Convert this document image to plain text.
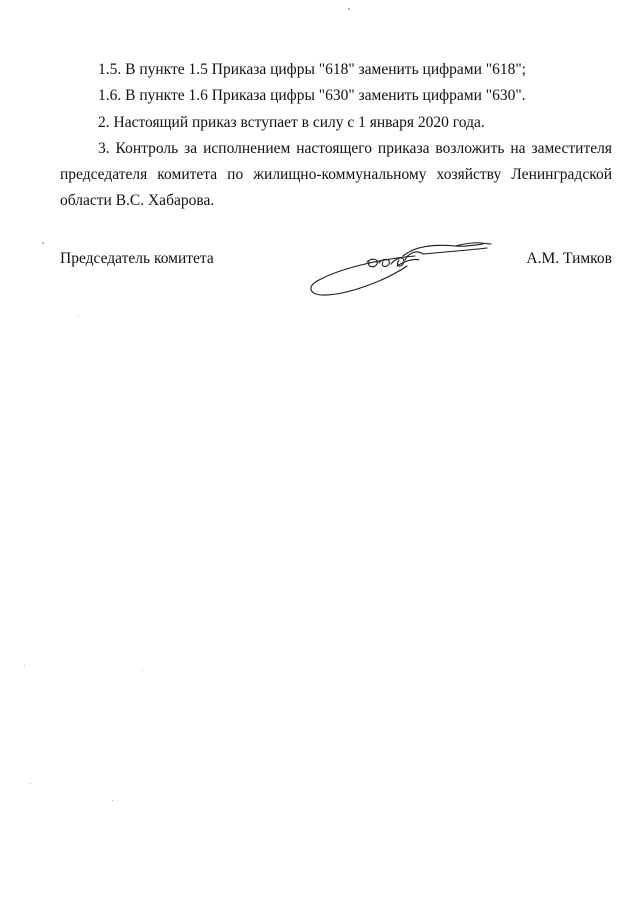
1.5. В пункте 1.5 Приказа цифры "618" заменить цифрами "618";

1.6. В пункте 1.6 Приказа цифры "630" заменить цифрами "630".

2. Настоящий приказ вступает в силу с 1 января 2020 года.

3. Контроль за исполнением настоящего приказа возложить на заместителя председателя комитета по жилищно-коммунальному хозяйству Ленинградской области В.С. Хабарова.

Председатель комитета	А.М. Тимков
